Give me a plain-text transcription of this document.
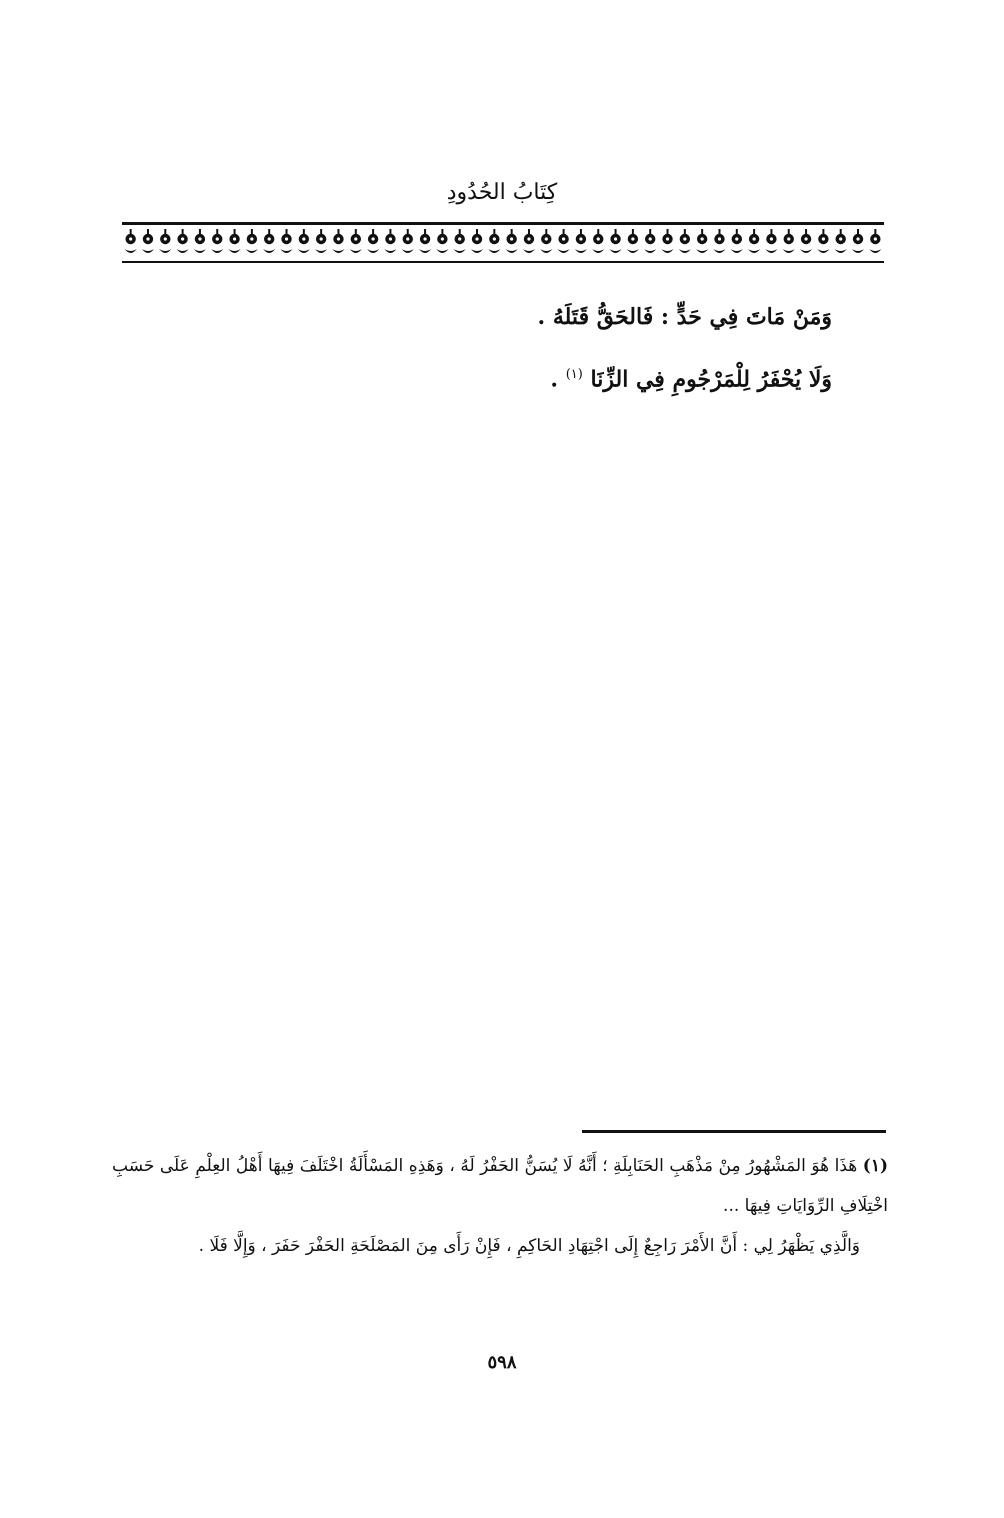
كِتَابُ الحُدُودِ

وَمَنْ مَاتَ فِي حَدٍّ : فَالحَقُّ قَتَلَهُ .

وَلَا يُحْفَرُ لِلْمَرْجُومِ فِي الزِّنَا $^{(١)}$ .

(١) هَذَا هُوَ المَشْهُورُ مِنْ مَذْهَبِ الحَنَابِلَةِ ؛ أَنَّهُ لَا يُسَنُّ الحَفْرُ لَهُ ، وَهَذِهِ المَسْأَلَةُ اخْتَلَفَ فِيهَا أَهْلُ العِلْمِ عَلَى حَسَبِ اخْتِلَافِ الرِّوَايَاتِ فِيهَا ...

وَالَّذِي يَظْهَرُ لِي : أَنَّ الأَمْرَ رَاجِعٌ إِلَى اجْتِهَادِ الحَاكِمِ ، فَإِنْ رَأَى مِنَ المَصْلَحَةِ الحَفْرَ حَفَرَ ، وَإِلَّا فَلَا .

٥٩٨
